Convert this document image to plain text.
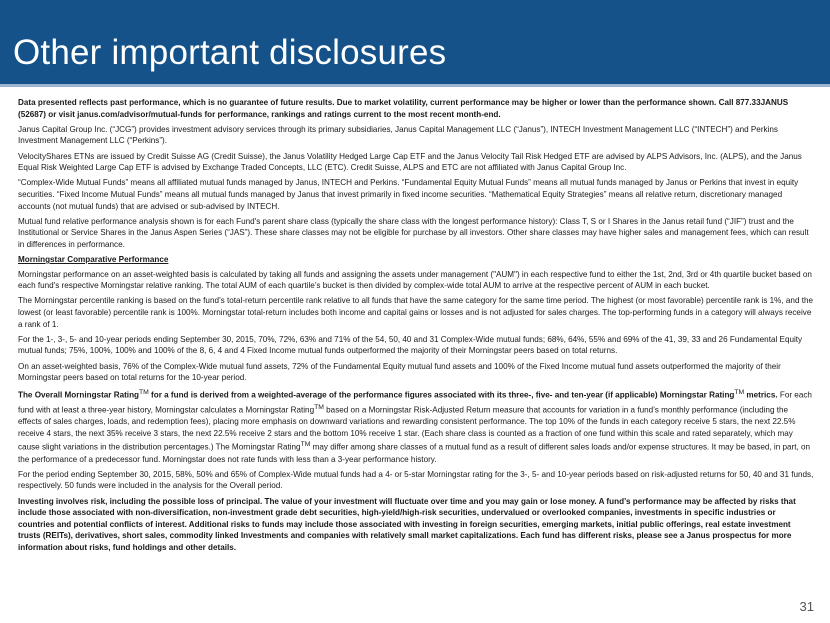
Other important disclosures

Data presented reflects past performance, which is no guarantee of future results. Due to market volatility, current performance may be higher or lower than the performance shown. Call 877.33JANUS (52687) or visit janus.com/advisor/mutual-funds for performance, rankings and ratings current to the most recent month-end.

Janus Capital Group Inc. (“JCG”) provides investment advisory services through its primary subsidiaries, Janus Capital Management LLC (“Janus”), INTECH Investment Management LLC (“INTECH”) and Perkins Investment Management LLC (“Perkins”).

VelocityShares ETNs are issued by Credit Suisse AG (Credit Suisse), the Janus Volatility Hedged Large Cap ETF and the Janus Velocity Tail Risk Hedged ETF are advised by ALPS Advisors, Inc. (ALPS), and the Janus Equal Risk Weighted Large Cap ETF is advised by Exchange Traded Concepts, LLC (ETC). Credit Suisse, ALPS and ETC are not affiliated with Janus Capital Group Inc.

“Complex-Wide Mutual Funds” means all affiliated mutual funds managed by Janus, INTECH and Perkins. “Fundamental Equity Mutual Funds” means all mutual funds managed by Janus or Perkins that invest in equity securities. “Fixed Income Mutual Funds” means all mutual funds managed by Janus that invest primarily in fixed income securities. “Mathematical Equity Strategies” means all relative return, discretionary managed accounts (not mutual funds) that are advised or sub-advised by INTECH.

Mutual fund relative performance analysis shown is for each Fund's parent share class (typically the share class with the longest performance history): Class T, S or I Shares in the Janus retail fund (“JIF”) trust and the Institutional or Service Shares in the Janus Aspen Series (“JAS”). These share classes may not be eligible for purchase by all investors. Other share classes may have higher sales and management fees, which can result in differences in performance.

Morningstar Comparative Performance

Morningstar performance on an asset-weighted basis is calculated by taking all funds and assigning the assets under management ("AUM") in each respective fund to either the 1st, 2nd, 3rd or 4th quartile bucket based on each fund's respective Morningstar relative ranking. The total AUM of each quartile’s bucket is then divided by complex-wide total AUM to arrive at the respective percent of AUM in each bucket.

The Morningstar percentile ranking is based on the fund’s total-return percentile rank relative to all funds that have the same category for the same time period. The highest (or most favorable) percentile rank is 1%, and the lowest (or least favorable) percentile rank is 100%. Morningstar total-return includes both income and capital gains or losses and is not adjusted for sales charges. The top-performing funds in a category will always receive a rank of 1.

For the 1-, 3-, 5- and 10-year periods ending September 30, 2015, 70%, 72%, 63% and 71% of the 54, 50, 40 and 31 Complex-Wide mutual funds; 68%, 64%, 55% and 69% of the 41, 39, 33 and 26 Fundamental Equity mutual funds; 75%, 100%, 100% and 100% of the 8, 6, 4 and 4 Fixed Income mutual funds outperformed the majority of their Morningstar peers based on total returns.

On an asset-weighted basis, 76% of the Complex-Wide mutual fund assets, 72% of the Fundamental Equity mutual fund assets and 100% of the Fixed Income mutual fund assets outperformed the majority of their Morningstar peers based on total returns for the 10-year period.

The Overall Morningstar Rating™ for a fund is derived from a weighted-average of the performance figures associated with its three-, five- and ten-year (if applicable) Morningstar Rating™ metrics. For each fund with at least a three-year history, Morningstar calculates a Morningstar Rating™ based on a Morningstar Risk-Adjusted Return measure that accounts for variation in a fund’s monthly performance (including the effects of sales charges, loads, and redemption fees), placing more emphasis on downward variations and rewarding consistent performance. The top 10% of the funds in each category receive 5 stars, the next 22.5% receive 4 stars, the next 35% receive 3 stars, the next 22.5% receive 2 stars and the bottom 10% receive 1 star. (Each share class is counted as a fraction of one fund within this scale and rated separately, which may cause slight variations in the distribution percentages.) The Morningstar Rating™ may differ among share classes of a mutual fund as a result of different sales loads and/or expense structures. It may be based, in part, on the performance of a predecessor fund. Morningstar does not rate funds with less than a 3-year performance history.

For the period ending September 30, 2015, 58%, 50% and 65% of Complex-Wide mutual funds had a 4- or 5-star Morningstar rating for the 3-, 5- and 10-year periods based on risk-adjusted returns for 50, 40 and 31 funds, respectively. 50 funds were included in the analysis for the Overall period.

Investing involves risk, including the possible loss of principal. The value of your investment will fluctuate over time and you may gain or lose money. A fund’s performance may be affected by risks that include those associated with non-diversification, non-investment grade debt securities, high-yield/high-risk securities, undervalued or overlooked companies, investments in specific industries or countries and potential conflicts of interest. Additional risks to funds may include those associated with investing in foreign securities, emerging markets, initial public offerings, real estate investment trusts (REITs), derivatives, short sales, commodity linked Investments and companies with relatively small market capitalizations. Each fund has different risks, please see a Janus prospectus for more information about risks, fund holdings and other details.

31
